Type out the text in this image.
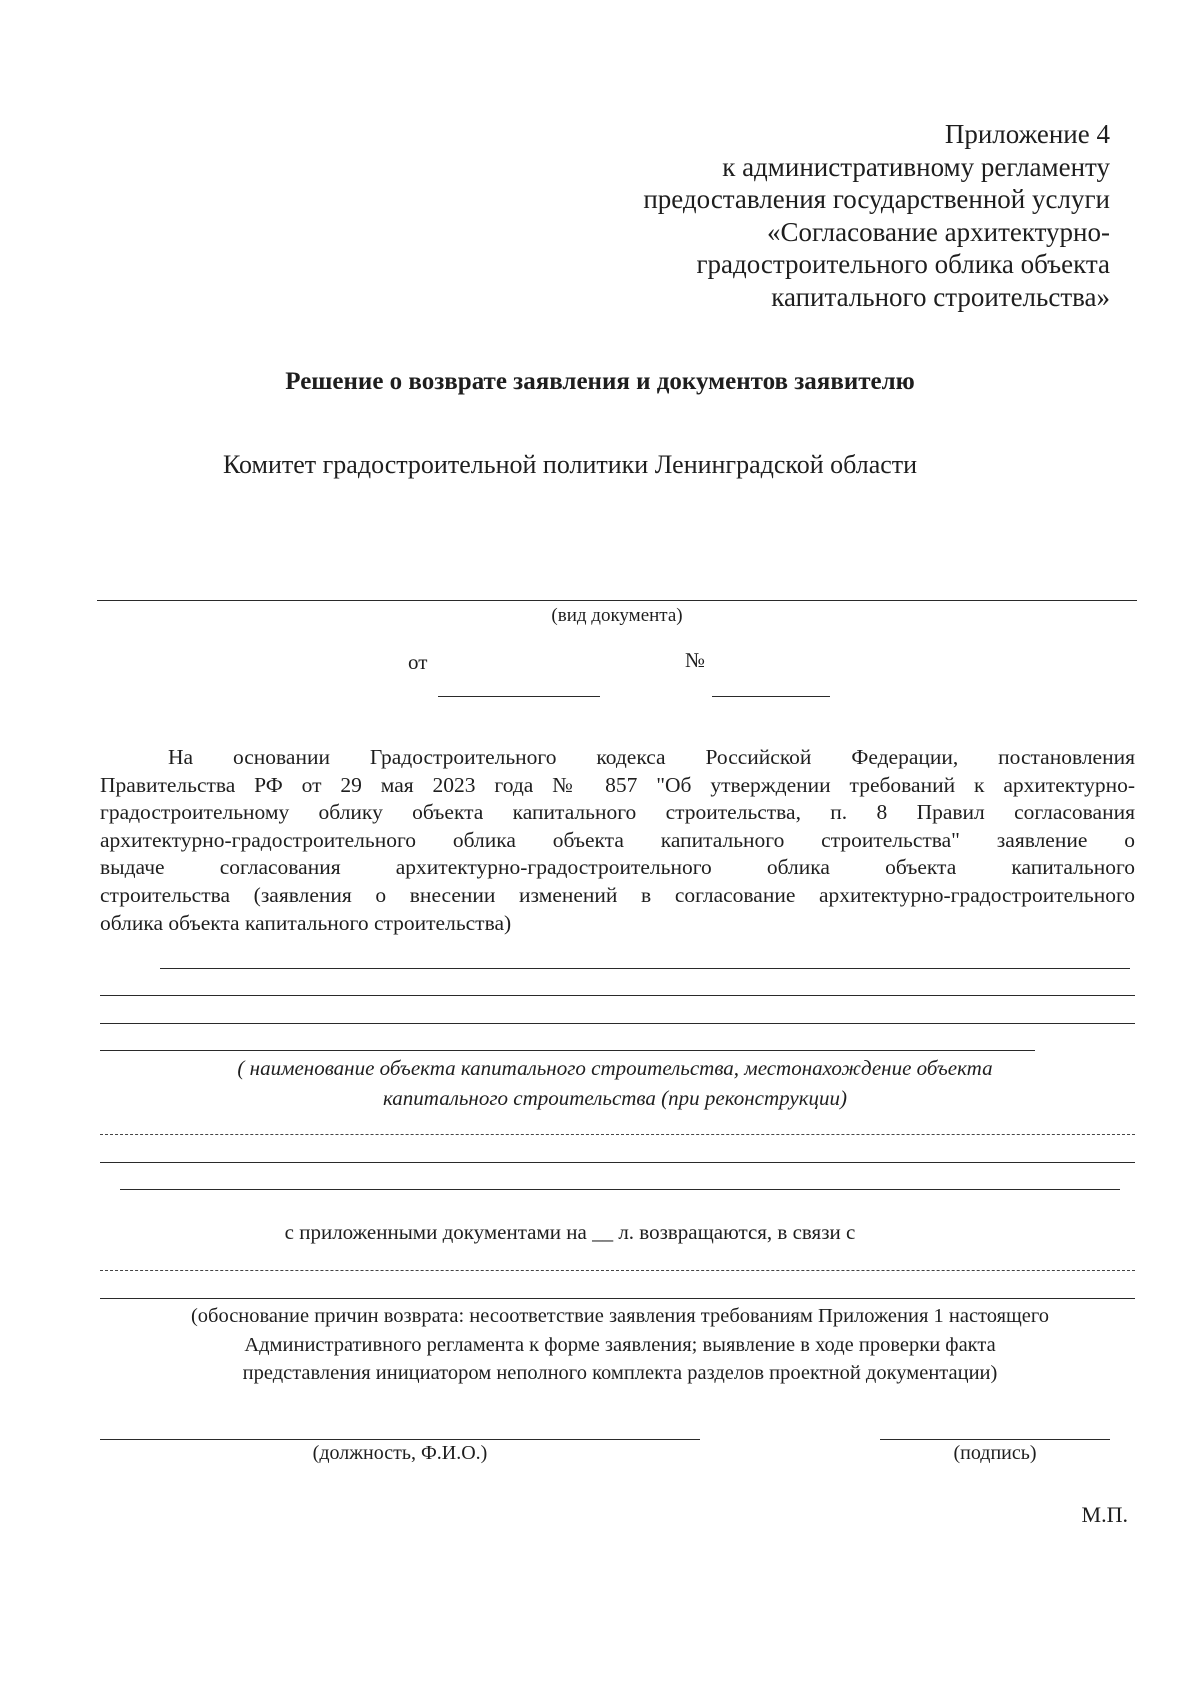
Приложение 4
к административному регламенту
предоставления государственной услуги
«Согласование архитектурно-
градостроительного облика объекта
капитального строительства»
Решение о возврате заявления и документов заявителю
Комитет градостроительной политики Ленинградской области
(вид документа)
от	№
На основании Градостроительного кодекса Российской Федерации, постановления
Правительства РФ от 29 мая 2023 года № 857 "Об утверждении требований к архитектурно-
градостроительному облику объекта капитального строительства, п. 8 Правил согласования
архитектурно-градостроительного облика объекта капитального строительства" заявление о
выдаче согласования архитектурно-градостроительного облика объекта капитального
строительства (заявления о внесении изменений в согласование архитектурно-градостроительного
облика объекта капитального строительства)
( наименование объекта капитального строительства, местонахождение объекта
капитального строительства (при реконструкции)
с приложенными документами на __ л. возвращаются, в связи с
(обоснование причин возврата: несоответствие заявления требованиям Приложения 1 настоящего
Административного регламента к форме заявления; выявление в ходе проверки факта
представления инициатором неполного комплекта разделов проектной документации)
(должность, Ф.И.О.)	(подпись)
М.П.
